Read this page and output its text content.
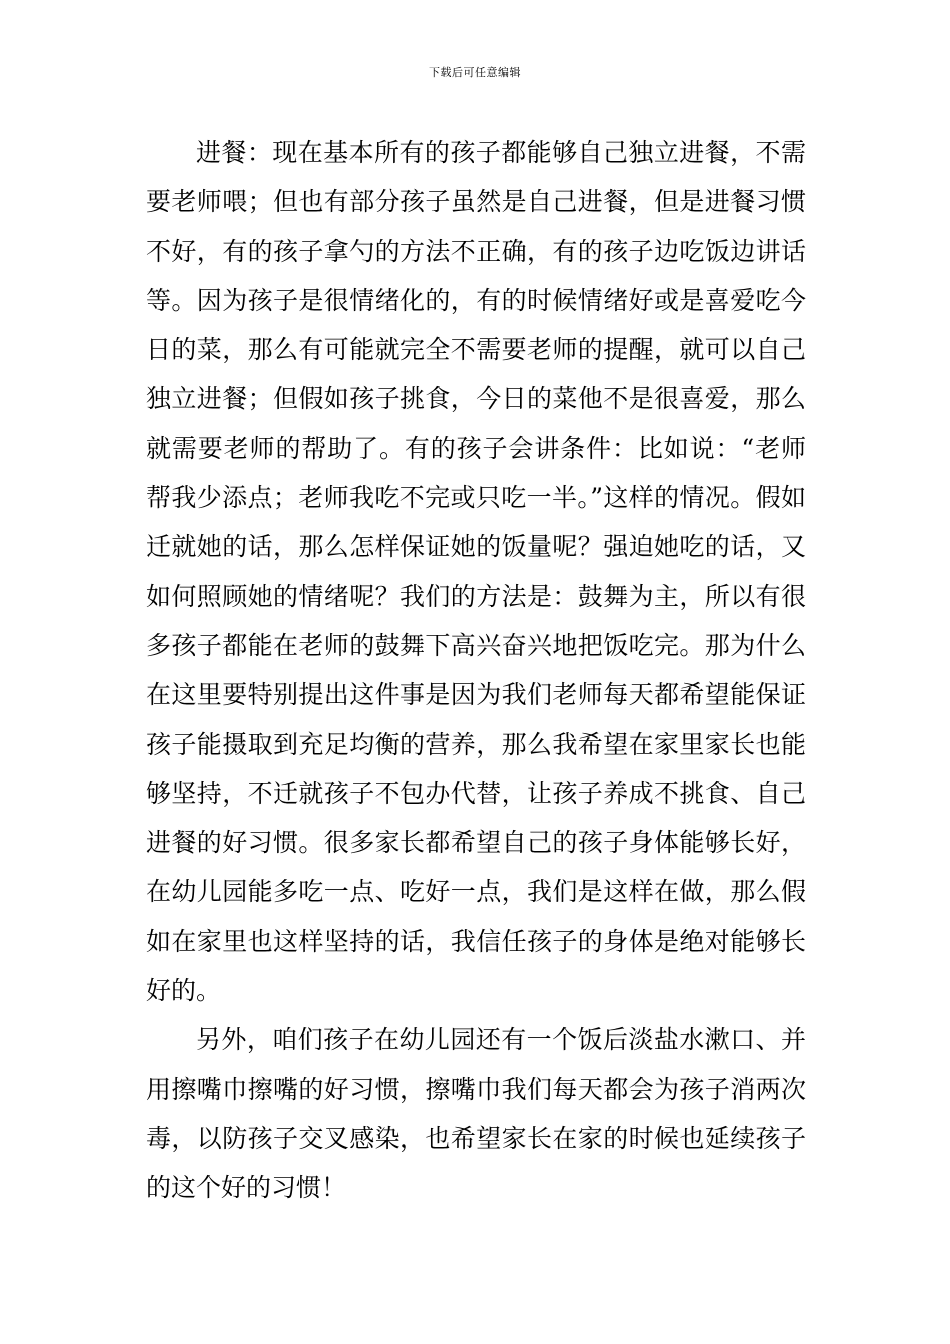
下载后可任意编辑

进餐：现在基本所有的孩子都能够自己独立进餐，不需要老师喂；但也有部分孩子虽然是自己进餐，但是进餐习惯不好，有的孩子拿勺的方法不正确，有的孩子边吃饭边讲话等。因为孩子是很情绪化的，有的时候情绪好或是喜爱吃今日的菜，那么有可能就完全不需要老师的提醒，就可以自己独立进餐；但假如孩子挑食，今日的菜他不是很喜爱，那么就需要老师的帮助了。有的孩子会讲条件：比如说：“老师帮我少添点；老师我吃不完或只吃一半。”这样的情况。假如迁就她的话，那么怎样保证她的饭量呢？强迫她吃的话，又如何照顾她的情绪呢？我们的方法是：鼓舞为主，所以有很多孩子都能在老师的鼓舞下高兴奋兴地把饭吃完。那为什么在这里要特别提出这件事是因为我们老师每天都希望能保证孩子能摄取到充足均衡的营养，那么我希望在家里家长也能够坚持，不迁就孩子不包办代替，让孩子养成不挑食、自己进餐的好习惯。很多家长都希望自己的孩子身体能够长好，在幼儿园能多吃一点、吃好一点，我们是这样在做，那么假如在家里也这样坚持的话，我信任孩子的身体是绝对能够长好的。

另外，咱们孩子在幼儿园还有一个饭后淡盐水漱口、并用擦嘴巾擦嘴的好习惯，擦嘴巾我们每天都会为孩子消两次毒，以防孩子交叉感染，也希望家长在家的时候也延续孩子的这个好的习惯！
